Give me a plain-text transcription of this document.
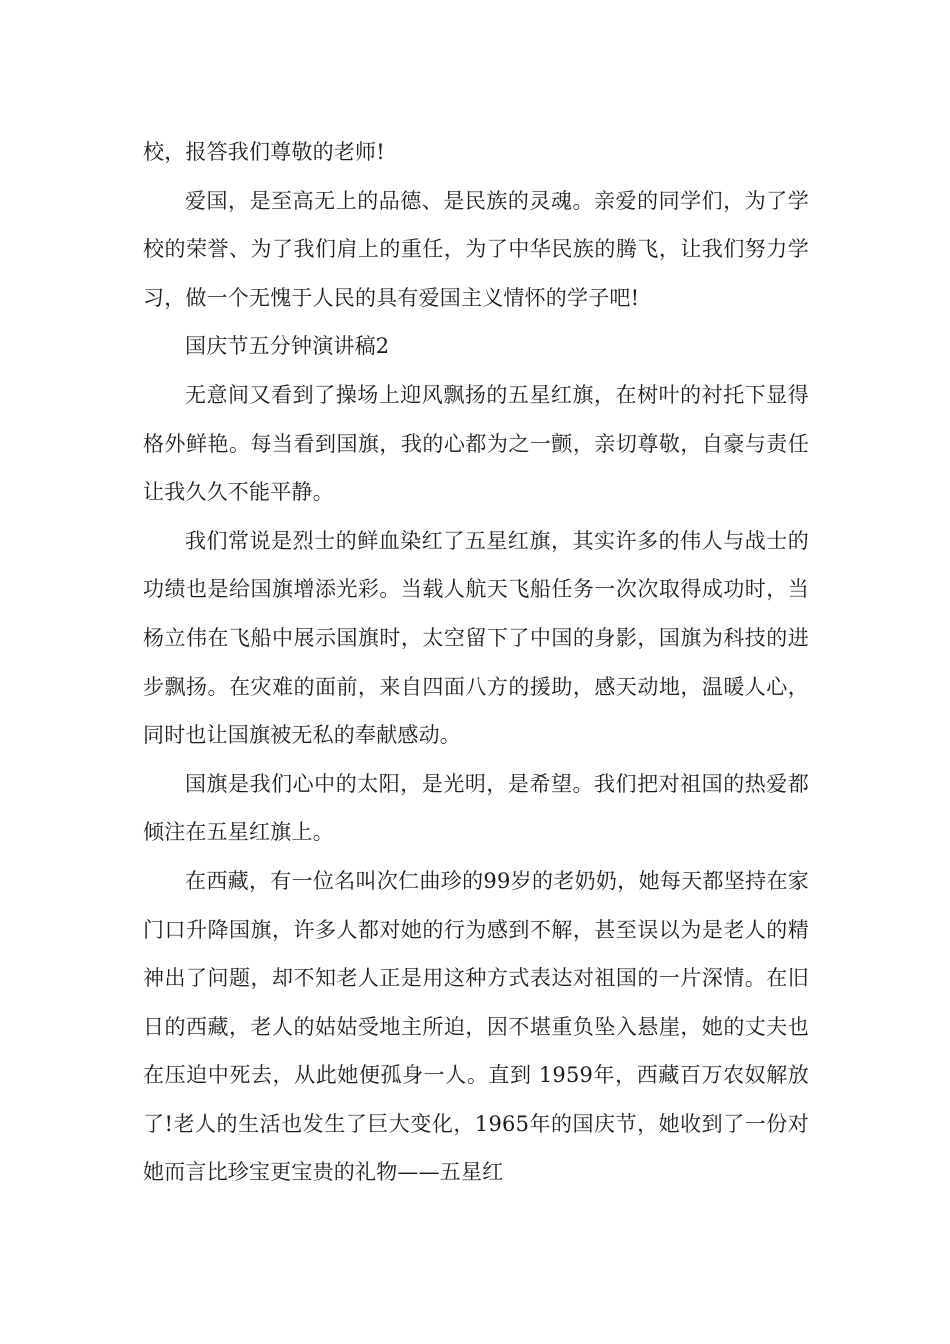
校，报答我们尊敬的老师!

爱国，是至高无上的品德、是民族的灵魂。亲爱的同学们，为了学校的荣誉、为了我们肩上的重任，为了中华民族的腾飞，让我们努力学习，做一个无愧于人民的具有爱国主义情怀的学子吧!

国庆节五分钟演讲稿2

无意间又看到了操场上迎风飘扬的五星红旗，在树叶的衬托下显得格外鲜艳。每当看到国旗，我的心都为之一颤，亲切尊敬，自豪与责任让我久久不能平静。

我们常说是烈士的鲜血染红了五星红旗，其实许多的伟人与战士的功绩也是给国旗增添光彩。当载人航天飞船任务一次次取得成功时，当杨立伟在飞船中展示国旗时，太空留下了中国的身影，国旗为科技的进步飘扬。在灾难的面前，来自四面八方的援助，感天动地，温暖人心，同时也让国旗被无私的奉献感动。

国旗是我们心中的太阳，是光明，是希望。我们把对祖国的热爱都倾注在五星红旗上。

在西藏，有一位名叫次仁曲珍的99岁的老奶奶，她每天都坚持在家门口升降国旗，许多人都对她的行为感到不解，甚至误以为是老人的精神出了问题，却不知老人正是用这种方式表达对祖国的一片深情。在旧日的西藏，老人的姑姑受地主所迫，因不堪重负坠入悬崖，她的丈夫也在压迫中死去，从此她便孤身一人。直到 1959年，西藏百万农奴解放了!老人的生活也发生了巨大变化，1965年的国庆节，她收到了一份对她而言比珍宝更宝贵的礼物——五星红
